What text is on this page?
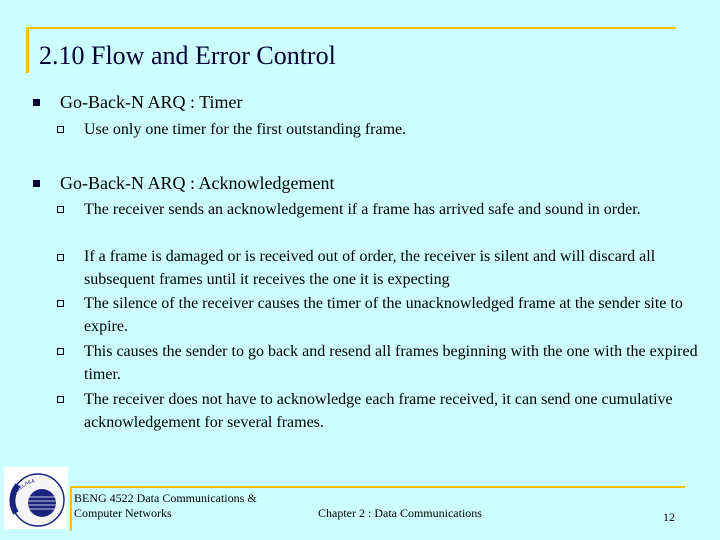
2.10 Flow and Error Control
Go-Back-N ARQ : Timer
Use only one timer for the first outstanding frame.
Go-Back-N ARQ : Acknowledgement
The receiver sends an acknowledgement if a frame has arrived safe and sound in order.
If a frame is damaged or is received out of order, the receiver is silent and will discard all subsequent frames until it receives the one it is expecting
The silence of the receiver causes the timer of the unacknowledged frame at the sender site to expire.
This causes the sender to go back and resend all frames beginning with the one with the expired timer.
The receiver does not have to acknowledge each frame received, it can send one cumulative acknowledgement for several frames.
UTeM MELAKA
BENG 4522 Data Communications & Computer Networks	Chapter 2 : Data Communications	12
